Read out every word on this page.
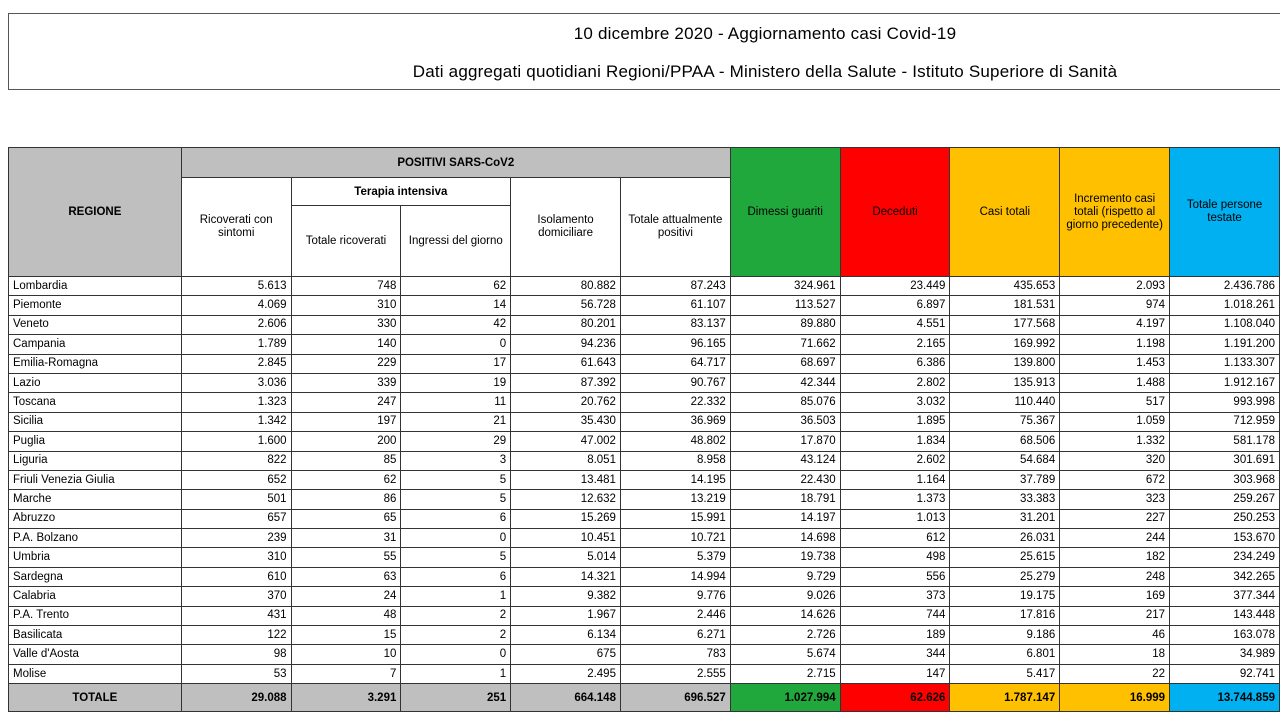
10 dicembre 2020 - Aggiornamento casi Covid-19
Dati aggregati quotidiani Regioni/PPAA - Ministero della Salute - Istituto Superiore di Sanità
REGIONE	POSITIVI SARS-CoV2					Dimessi guariti	Deceduti	Casi totali	Incremento casi totali (rispetto al giorno precedente)	Totale persone testate
	Ricoverati con sintomi	Terapia intensiva		Isolamento domiciliare	Totale attualmente positivi					
		Totale ricoverati	Ingressi del giorno							
Lombardia	5.613	748	62	80.882	87.243	324.961	23.449	435.653	2.093	2.436.786
Piemonte	4.069	310	14	56.728	61.107	113.527	6.897	181.531	974	1.018.261
Veneto	2.606	330	42	80.201	83.137	89.880	4.551	177.568	4.197	1.108.040
Campania	1.789	140	0	94.236	96.165	71.662	2.165	169.992	1.198	1.191.200
Emilia-Romagna	2.845	229	17	61.643	64.717	68.697	6.386	139.800	1.453	1.133.307
Lazio	3.036	339	19	87.392	90.767	42.344	2.802	135.913	1.488	1.912.167
Toscana	1.323	247	11	20.762	22.332	85.076	3.032	110.440	517	993.998
Sicilia	1.342	197	21	35.430	36.969	36.503	1.895	75.367	1.059	712.959
Puglia	1.600	200	29	47.002	48.802	17.870	1.834	68.506	1.332	581.178
Liguria	822	85	3	8.051	8.958	43.124	2.602	54.684	320	301.691
Friuli Venezia Giulia	652	62	5	13.481	14.195	22.430	1.164	37.789	672	303.968
Marche	501	86	5	12.632	13.219	18.791	1.373	33.383	323	259.267
Abruzzo	657	65	6	15.269	15.991	14.197	1.013	31.201	227	250.253
P.A. Bolzano	239	31	0	10.451	10.721	14.698	612	26.031	244	153.670
Umbria	310	55	5	5.014	5.379	19.738	498	25.615	182	234.249
Sardegna	610	63	6	14.321	14.994	9.729	556	25.279	248	342.265
Calabria	370	24	1	9.382	9.776	9.026	373	19.175	169	377.344
P.A. Trento	431	48	2	1.967	2.446	14.626	744	17.816	217	143.448
Basilicata	122	15	2	6.134	6.271	2.726	189	9.186	46	163.078
Valle d'Aosta	98	10	0	675	783	5.674	344	6.801	18	34.989
Molise	53	7	1	2.495	2.555	2.715	147	5.417	22	92.741
TOTALE	29.088	3.291	251	664.148	696.527	1.027.994	62.626	1.787.147	16.999	13.744.859
